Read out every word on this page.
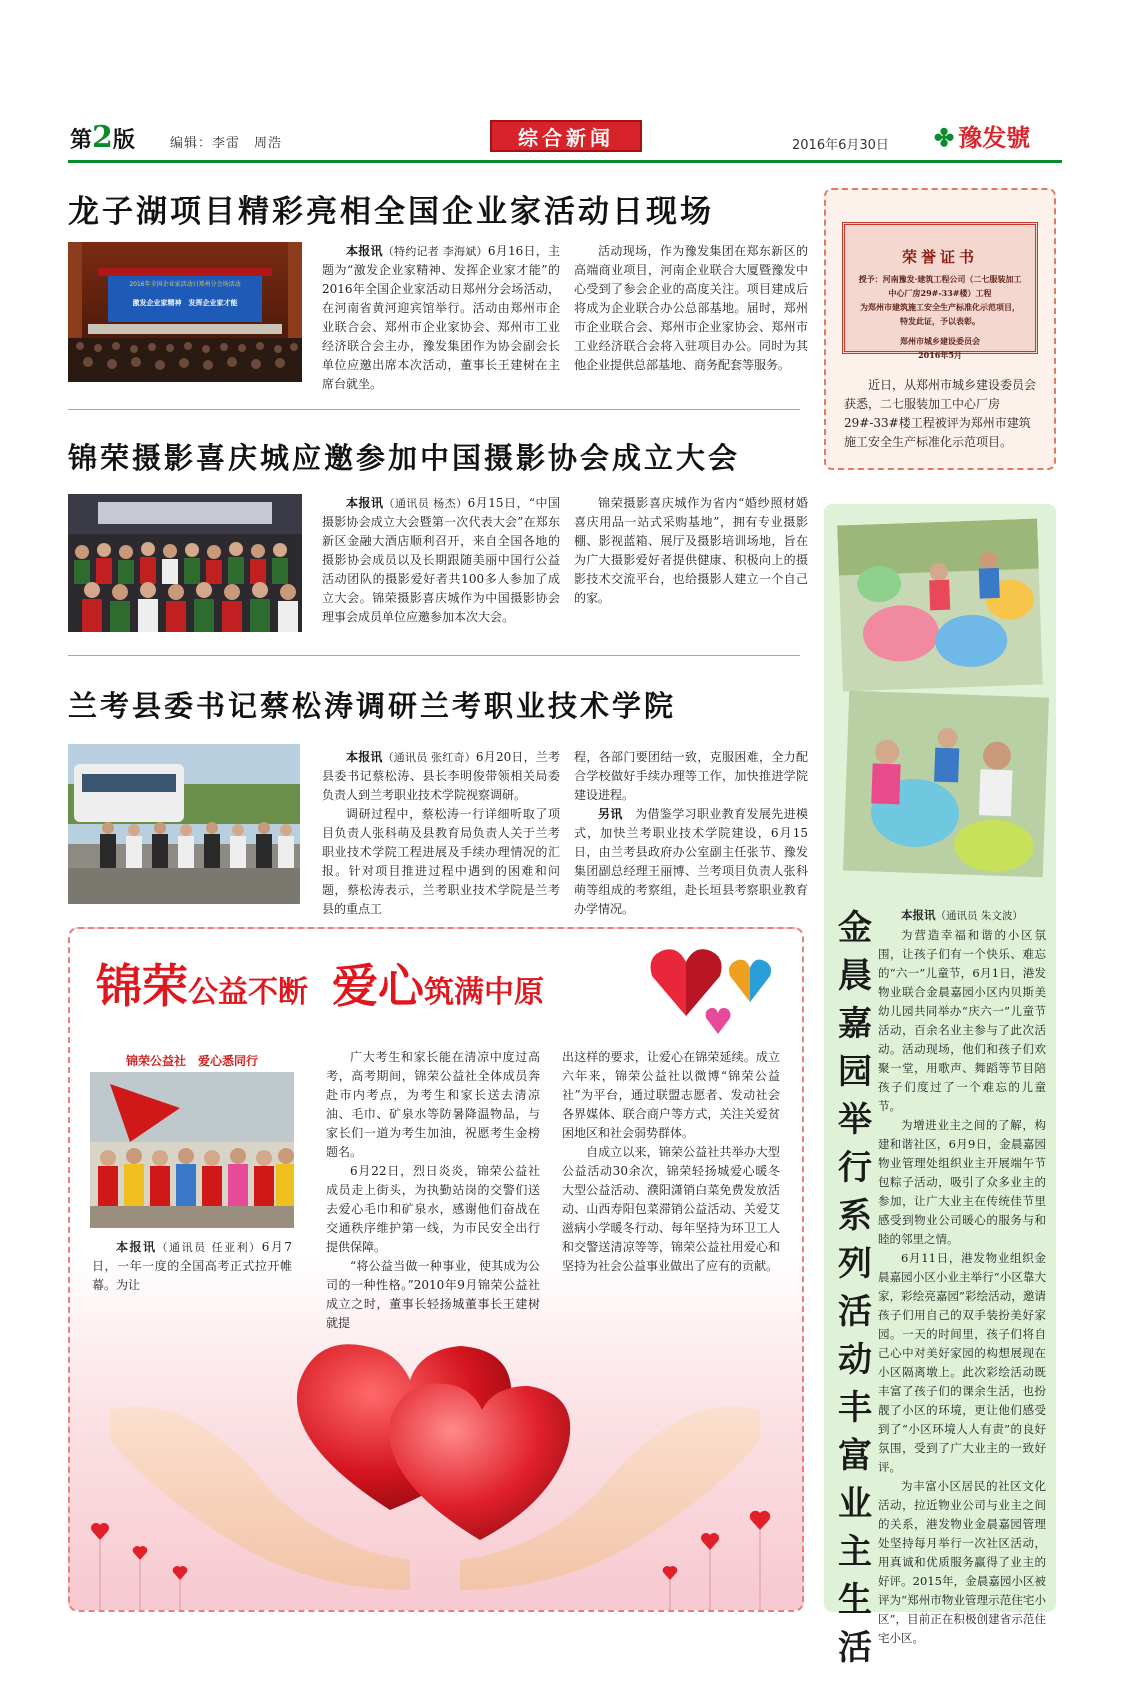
第2版	编辑：李雷　周浩	综合新闻	2016年6月30日 ✤ 豫发號
龙子湖项目精彩亮相全国企业家活动日现场
2016年全国企业家活动日郑州分会场活动
激发企业家精神　发挥企业家才能
本报讯（特约记者 李海斌）6月16日，主题为“激发企业家精神、发挥企业家才能”的2016年全国企业家活动日郑州分会场活动，在河南省黄河迎宾馆举行。活动由郑州市企业联合会、郑州市企业家协会、郑州市工业经济联合会主办，豫发集团作为协会副会长单位应邀出席本次活动，董事长王建树在主席台就坐。
活动现场，作为豫发集团在郑东新区的高端商业项目，河南企业联合大厦暨豫发中心受到了参会企业的高度关注。项目建成后将成为企业联合办公总部基地。届时，郑州市企业联合会、郑州市企业家协会、郑州市工业经济联合会将入驻项目办公。同时为其他企业提供总部基地、商务配套等服务。
锦荣摄影喜庆城应邀参加中国摄影协会成立大会
本报讯（通讯员 杨杰）6月15日，“中国摄影协会成立大会暨第一次代表大会”在郑东新区金融大酒店顺利召开，来自全国各地的摄影协会成员以及长期跟随美丽中国行公益活动团队的摄影爱好者共100多人参加了成立大会。锦荣摄影喜庆城作为中国摄影协会理事会成员单位应邀参加本次大会。
锦荣摄影喜庆城作为省内“婚纱照材婚喜庆用品一站式采购基地”，拥有专业摄影棚、影视蓝箱、展厅及摄影培训场地，旨在为广大摄影爱好者提供健康、积极向上的摄影技术交流平台，也给摄影人建立一个自己的家。
兰考县委书记蔡松涛调研兰考职业技术学院

本报讯（通讯员 张红奇）6月20日，兰考县委书记蔡松涛、县长李明俊带领相关局委负责人到兰考职业技术学院视察调研。

调研过程中，蔡松涛一行详细听取了项目负责人张科萌及县教育局负责人关于兰考职业技术学院工程进展及手续办理情况的汇报。针对项目推进过程中遇到的困难和问题，蔡松涛表示，兰考职业技术学院是兰考县的重点工

程，各部门要团结一致，克服困难，全力配合学校做好手续办理等工作，加快推进学院建设进程。

另讯　 为借鉴学习职业教育发展先进模式，加快兰考职业技术学院建设，6月15日，由兰考县政府办公室副主任张节、豫发集团副总经理王丽博、兰考项目负责人张科萌等组成的考察组，赴长垣县考察职业教育办学情况。

荣誉证书
授予：河南豫发·建筑工程公司（二七服装加工中心厂房29#-33#楼）工程
为郑州市建筑施工安全生产标准化示范项目，特发此证，予以表彰。
郑州市城乡建设委员会
2016年5月
近日，从郑州市城乡建设委员会获悉，二七服装加工中心厂房29#-33#楼工程被评为郑州市建筑施工安全生产标准化示范项目。
金晨嘉园举行系列活动丰富业主生活

本报讯（通讯员 朱文波）

为营造幸福和谐的小区氛围，让孩子们有一个快乐、难忘的“六一”儿童节，6月1日，港发物业联合金晨嘉园小区内贝斯美幼儿园共同举办“庆六一”儿童节活动，百余名业主参与了此次活动。活动现场，他们和孩子们欢聚一堂，用歌声、舞蹈等节目陪孩子们度过了一个难忘的儿童节。

为增进业主之间的了解，构建和谐社区，6月9日，金晨嘉园物业管理处组织业主开展端午节包粽子活动，吸引了众多业主的参加，让广大业主在传统佳节里感受到物业公司暖心的服务与和睦的邻里之情。

6月11日，港发物业组织金晨嘉园小区小业主举行“小区靠大家，彩绘亮嘉园”彩绘活动，邀请孩子们用自己的双手装扮美好家园。一天的时间里，孩子们将自己心中对美好家园的构想展现在小区隔离墩上。此次彩绘活动既丰富了孩子们的课余生活，也扮靓了小区的环境，更让他们感受到了“小区环境人人有责”的良好氛围，受到了广大业主的一致好评。

为丰富小区居民的社区文化活动，拉近物业公司与业主之间的关系，港发物业金晨嘉园管理处坚持每月举行一次社区活动，用真诚和优质服务赢得了业主的好评。2015年，金晨嘉园小区被评为“郑州市物业管理示范住宅小区”，目前正在积极创建省示范住宅小区。

锦荣公益不断 爱心筑满中原
锦荣公益社　爱心悉同行
本报讯（通讯员 任亚利）6月7日，一年一度的全国高考正式拉开帷幕。为让

广大考生和家长能在清凉中度过高考，高考期间，锦荣公益社全体成员奔赴市内考点，为考生和家长送去清凉油、毛巾、矿泉水等防暑降温物品，与家长们一道为考生加油，祝愿考生金榜题名。

6月22日，烈日炎炎，锦荣公益社成员走上街头，为执勤站岗的交警们送去爱心毛巾和矿泉水，感谢他们奋战在交通秩序维护第一线，为市民安全出行提供保障。

“将公益当做一种事业，使其成为公司的一种性格。”2010年9月锦荣公益社成立之时，董事长轻扬城董事长王建树就提

出这样的要求，让爱心在锦荣延续。成立六年来，锦荣公益社以微博“锦荣公益社”为平台，通过联盟志愿者、发动社会各界媒体、联合商户等方式，关注关爱贫困地区和社会弱势群体。

自成立以来，锦荣公益社共举办大型公益活动30余次，锦荣轻扬城爱心暖冬大型公益活动、濮阳潇销白菜免费发放活动、山西寿阳包菜滞销公益活动、关爱艾滋病小学暖冬行动、每年坚持为环卫工人和交警送清凉等等，锦荣公益社用爱心和坚持为社会公益事业做出了应有的贡献。
